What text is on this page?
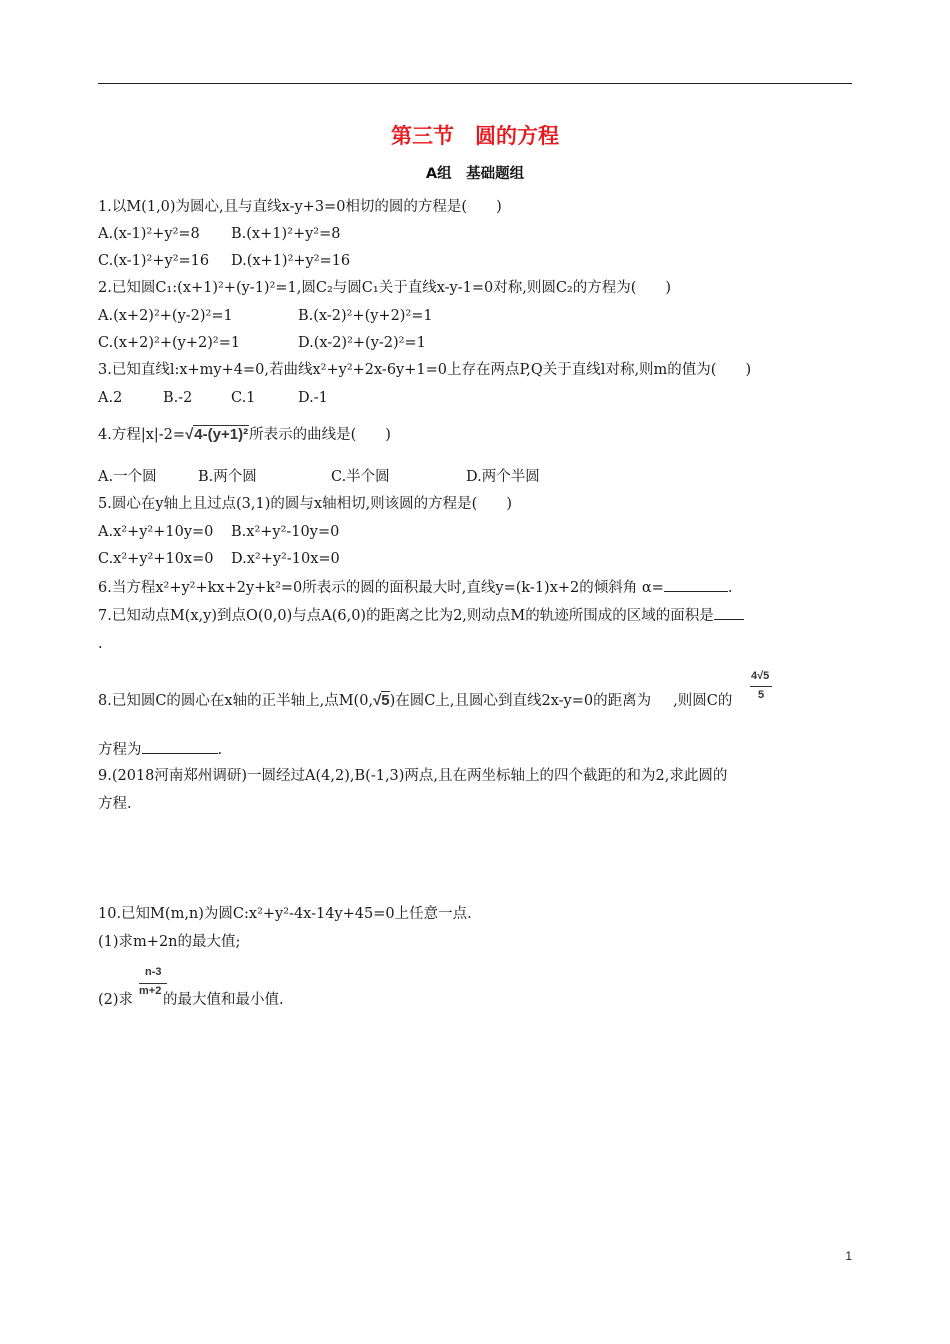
第三节　圆的方程
A组　基础题组
1.以M(1,0)为圆心,且与直线x-y+3=0相切的圆的方程是(　　)
A.(x-1)²+y²=8 B.(x+1)²+y²=8
C.(x-1)²+y²=16 D.(x+1)²+y²=16
2.已知圆C₁:(x+1)²+(y-1)²=1,圆C₂与圆C₁关于直线x-y-1=0对称,则圆C₂的方程为(　　)
A.(x+2)²+(y-2)²=1	B.(x-2)²+(y+2)²=1
C.(x+2)²+(y+2)²=1	D.(x-2)²+(y-2)²=1
3.已知直线l:x+my+4=0,若曲线x²+y²+2x-6y+1=0上存在两点P,Q关于直线l对称,则m的值为(　　)
A.2	B.-2	C.1	D.-1
4.方程|x|-2=√4-(y+1)²所表示的曲线是(　　)
A.一个圆	B.两个圆	C.半个圆	D.两个半圆
5.圆心在y轴上且过点(3,1)的圆与x轴相切,则该圆的方程是(　　)
A.x²+y²+10y=0 B.x²+y²-10y=0
C.x²+y²+10x=0 D.x²+y²-10x=0
6.当方程x²+y²+kx+2y+k²=0所表示的圆的面积最大时,直线y=(k-1)x+2的倾斜角 α=	.
7.已知动点M(x,y)到点O(0,0)与点A(6,0)的距离之比为2,则动点M的轨迹所围成的区域的面积是
.
8.已知圆C的圆心在x轴的正半轴上,点M(0,√5)在圆C上,且圆心到直线2x-y=0的距离为 ,则圆C的
4√5
5
方程为	.
9.(2018河南郑州调研)一圆经过A(4,2),B(-1,3)两点,且在两坐标轴上的四个截距的和为2,求此圆的
方程.
10.已知M(m,n)为圆C:x²+y²-4x-14y+45=0上任意一点.
(1)求m+2n的最大值;
(2)求 的最大值和最小值.
n-3
m+2
1
